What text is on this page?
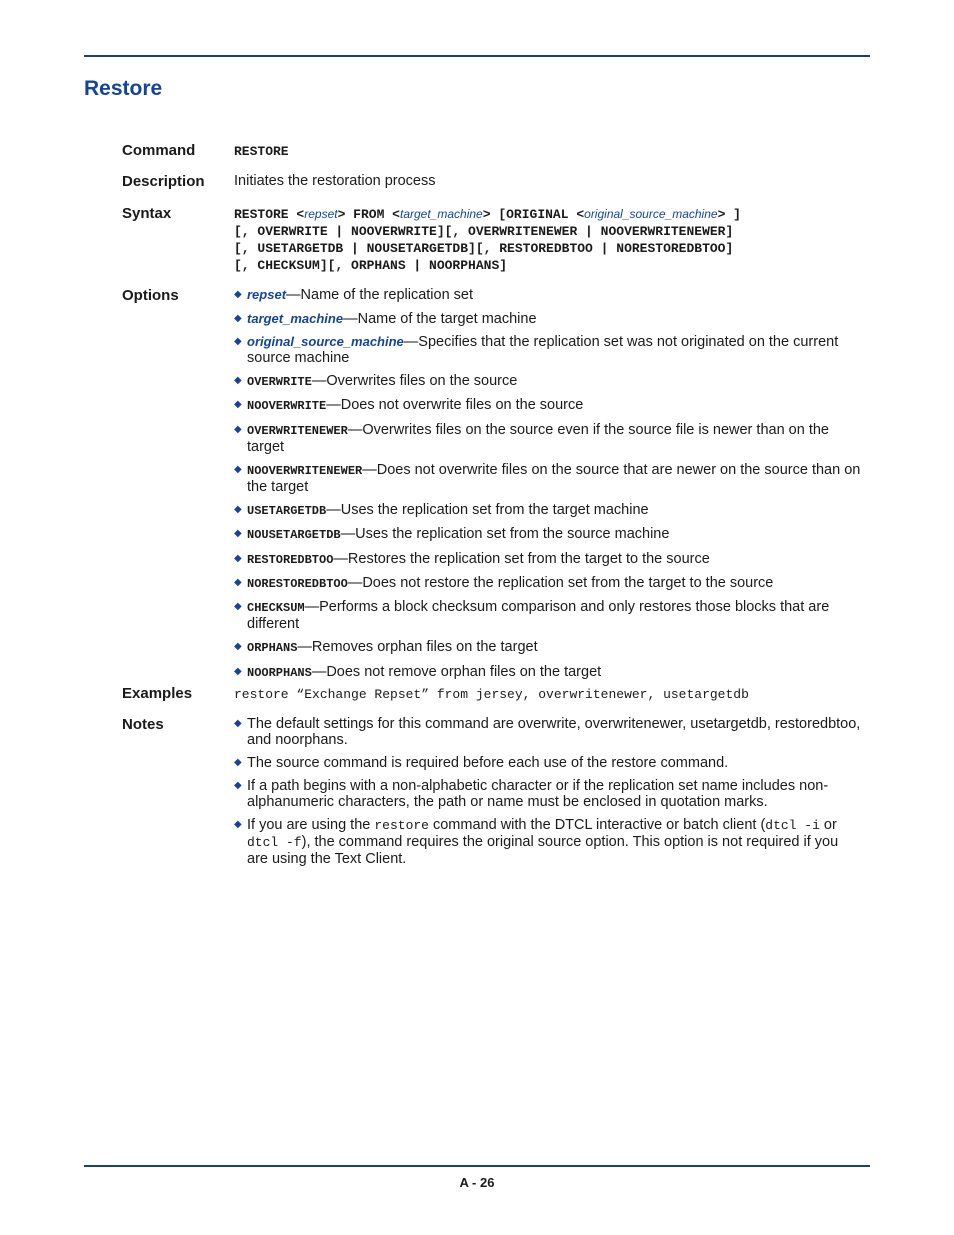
Restore
Command	RESTORE
Description	Initiates the restoration process
Syntax	RESTORE <repset> FROM <target_machine> [ORIGINAL <original_source_machine> ]
[, OVERWRITE | NOOVERWRITE][, OVERWRITENEWER | NOOVERWRITENEWER]
[, USETARGETDB | NOUSETARGETDB][, RESTOREDBTOO | NORESTOREDBTOO]
[, CHECKSUM][, ORPHANS | NOORPHANS]
Options	◆ repset—Name of the replication set
◆ target_machine—Name of the target machine
◆ original_source_machine—Specifies that the replication set was not originated on the current source machine
◆ OVERWRITE—Overwrites files on the source
◆ NOOVERWRITE—Does not overwrite files on the source
◆ OVERWRITENEWER—Overwrites files on the source even if the source file is newer than on the target
◆ NOOVERWRITENEWER—Does not overwrite files on the source that are newer on the source than on the target
◆ USETARGETDB—Uses the replication set from the target machine
◆ NOUSETARGETDB—Uses the replication set from the source machine
◆ RESTOREDBTOO—Restores the replication set from the target to the source
◆ NORESTOREDBTOO—Does not restore the replication set from the target to the source
◆ CHECKSUM—Performs a block checksum comparison and only restores those blocks that are different
◆ ORPHANS—Removes orphan files on the target
◆ NOORPHANS—Does not remove orphan files on the target
Examples	restore “Exchange Repset” from jersey, overwritenewer, usetargetdb
Notes	◆ The default settings for this command are overwrite, overwritenewer, usetargetdb, restoredbtoo, and noorphans.
◆ The source command is required before each use of the restore command.
◆ If a path begins with a non-alphabetic character or if the replication set name includes non-alphanumeric characters, the path or name must be enclosed in quotation marks.
◆ If you are using the restore command with the DTCL interactive or batch client (dtcl -i or dtcl -f), the command requires the original source option. This option is not required if you are using the Text Client.
A - 26
